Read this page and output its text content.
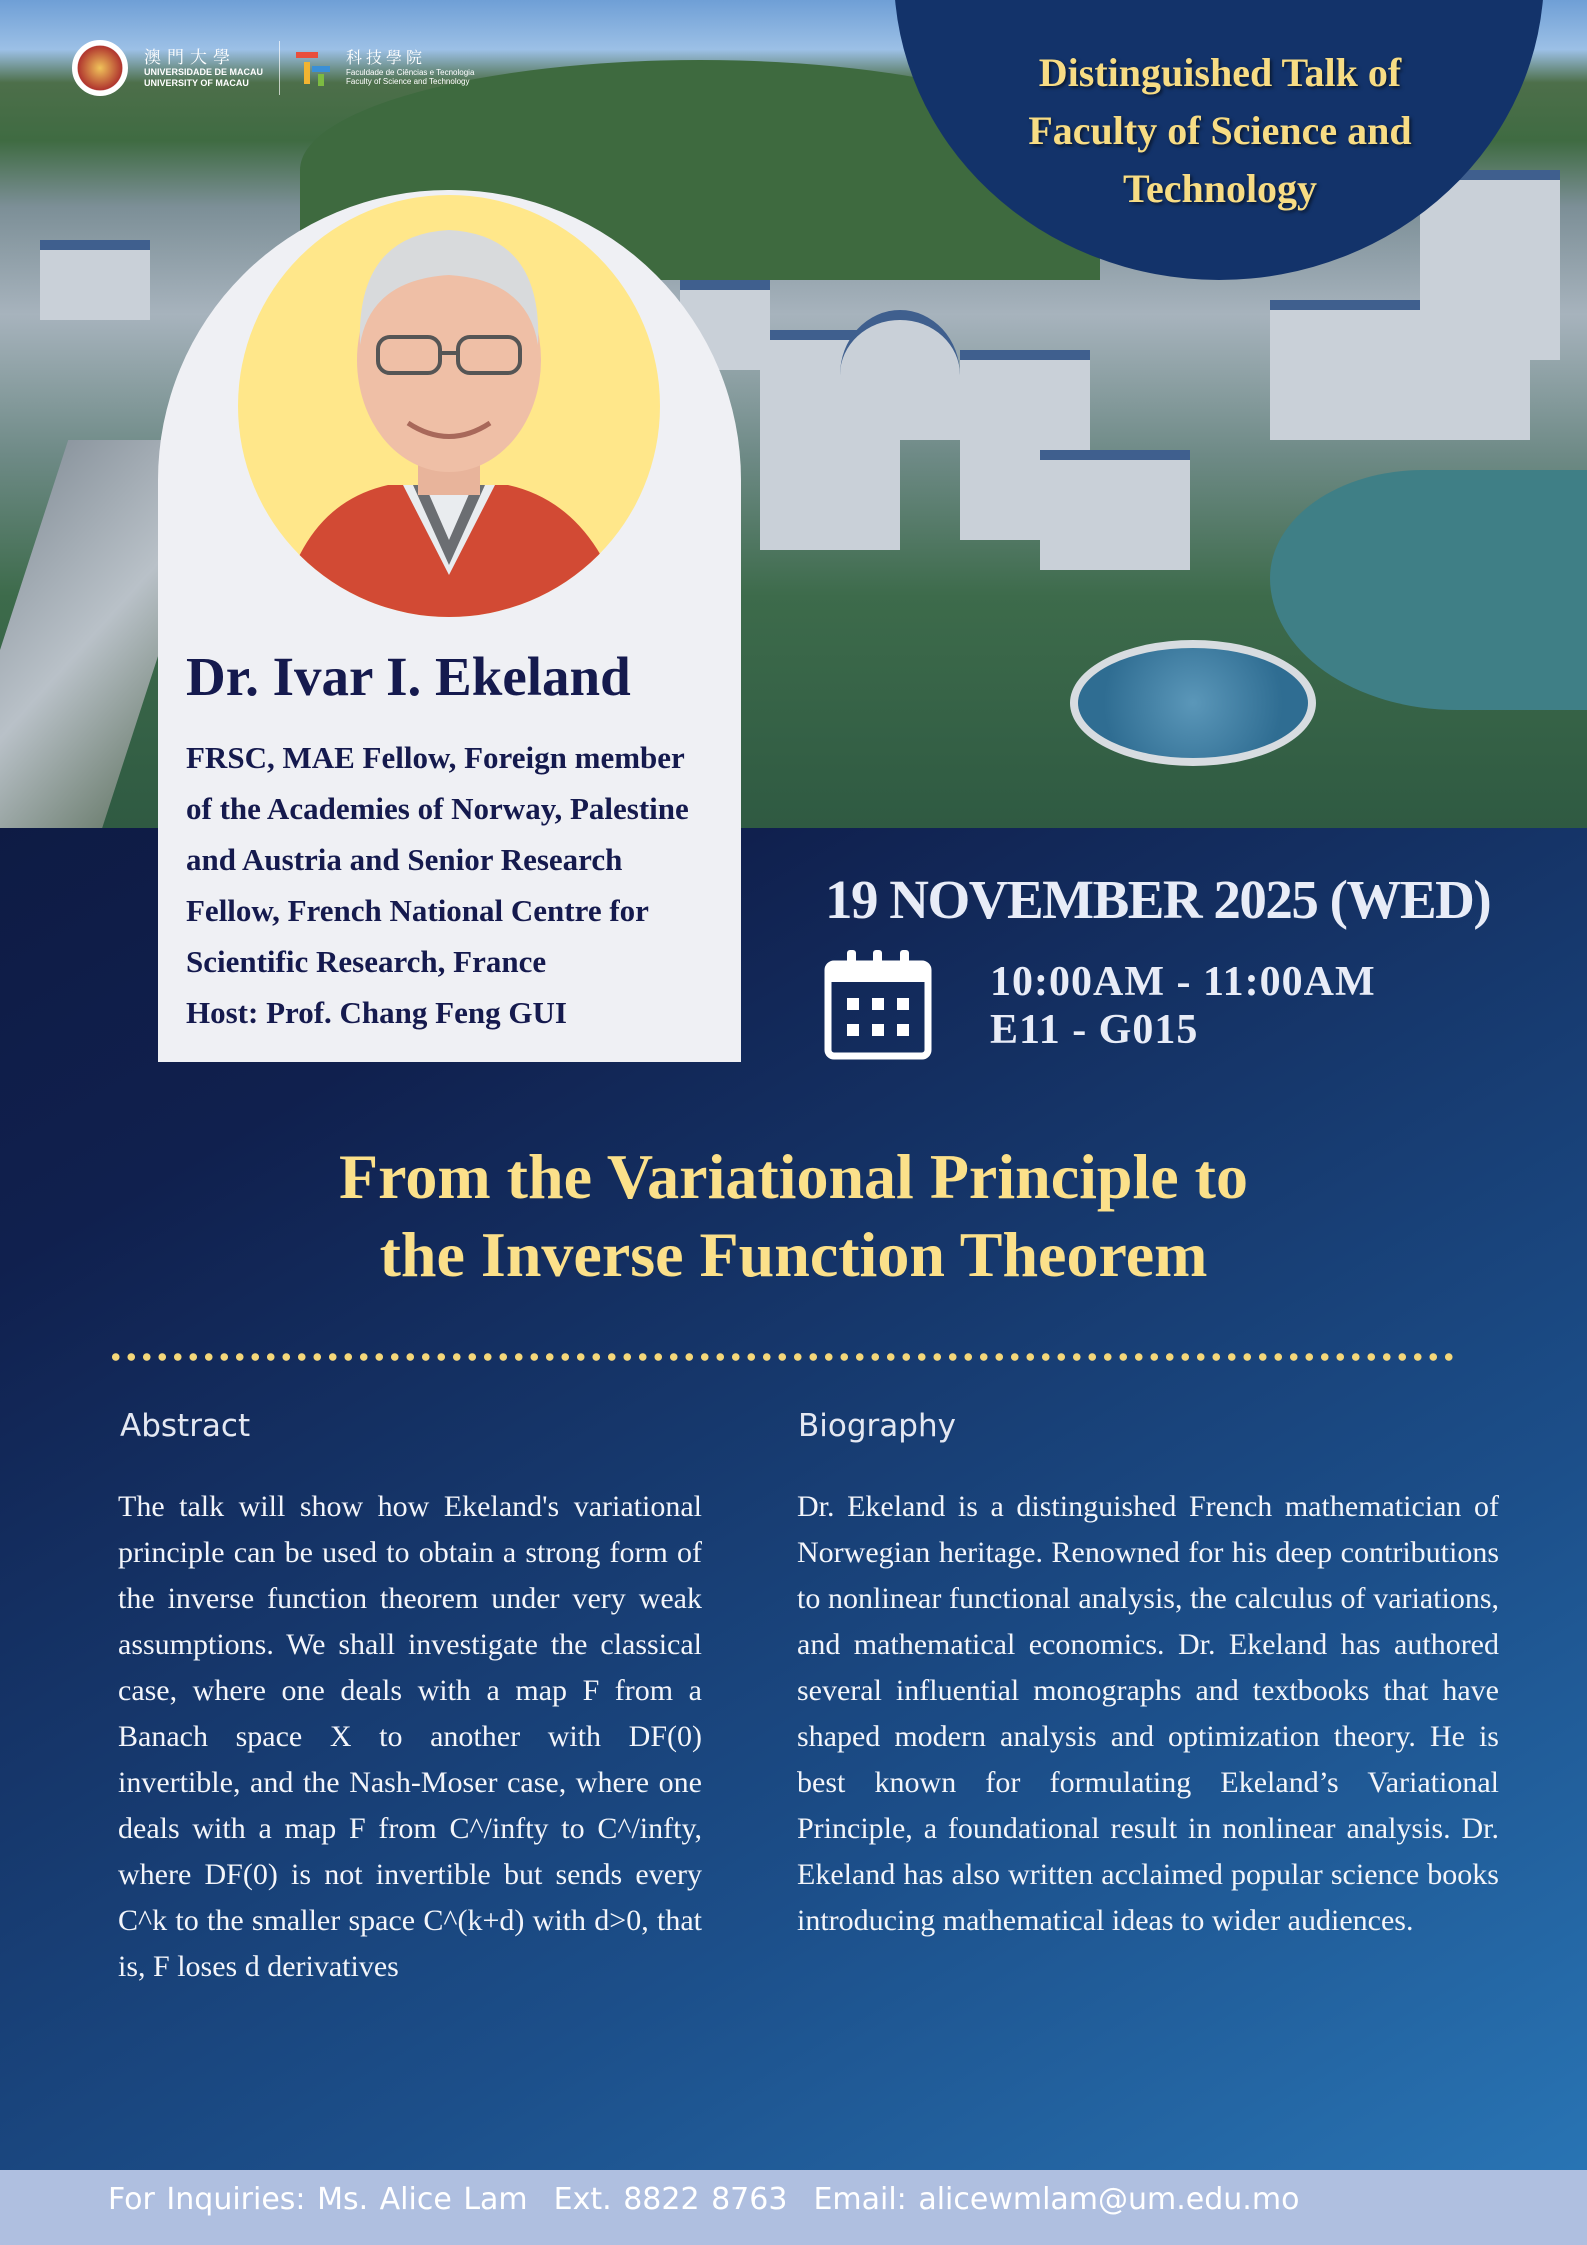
澳門大學
UNIVERSIDADE DE MACAU
UNIVERSITY OF MACAU
科技學院
Faculdade de Ciências e Tecnologia
Faculty of Science and Technology	Distinguished Talk of
Faculty of Science and
Technology
Dr. Ivar I. Ekeland
FRSC, MAE Fellow, Foreign member
of the Academies of Norway, Palestine
and Austria and Senior Research
Fellow, French National Centre for
Scientific Research, France
Host: Prof. Chang Feng GUI
19 NOVEMBER 2025 (WED)
10:00AM - 11:00AM
E11 - G015
From the Variational Principle to
the Inverse Function Theorem
Abstract
The talk will show how Ekeland's variational principle can be used to obtain a strong form of the inverse function theorem under very weak assumptions. We shall investigate the classical case, where one deals with a map F from a Banach space X to another with DF(0) invertible, and the Nash-Moser case, where one deals with a map F from C^/infty to C^/infty, where DF(0) is not invertible but sends every C^k to the smaller space C^(k+d) with d>0, that is, F loses d derivatives
Biography
Dr. Ekeland is a distinguished French mathematician of Norwegian heritage. Renowned for his deep contributions to nonlinear functional analysis, the calculus of variations, and mathematical economics. Dr. Ekeland has authored several influential monographs and textbooks that have shaped modern analysis and optimization theory. He is best known for formulating Ekeland’s Variational Principle, a foundational result in nonlinear analysis. Dr. Ekeland has also written acclaimed popular science books introducing mathematical ideas to wider audiences.
For Inquiries: Ms. Alice Lam Ext. 8822 8763 Email: alicewmlam@um.edu.mo
